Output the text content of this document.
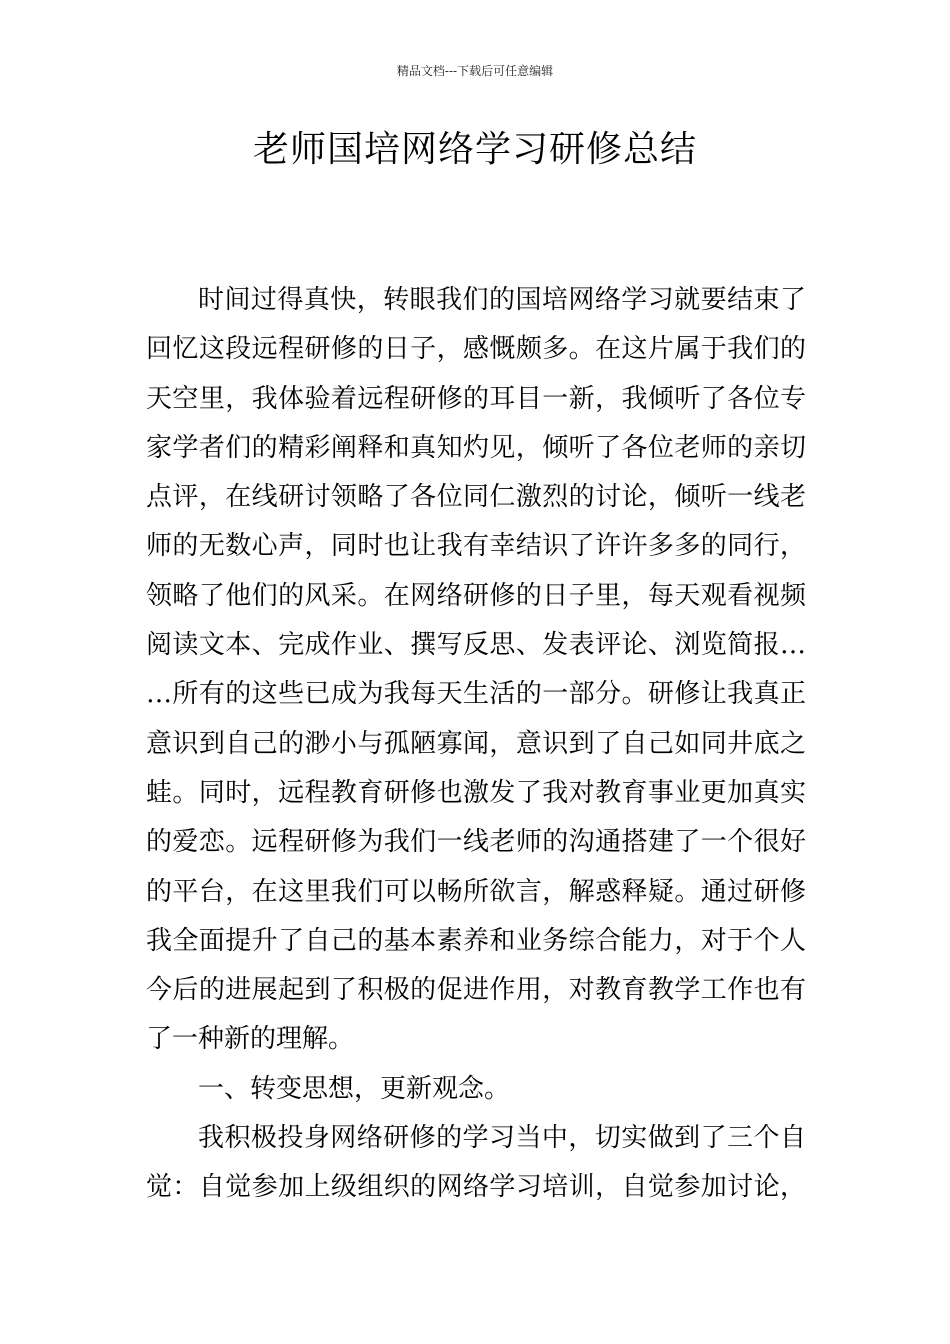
精品文档---下载后可任意编辑
老师国培网络学习研修总结
时间过得真快，转眼我们的国培网络学习就要结束了
回忆这段远程研修的日子，感慨颇多。在这片属于我们的
天空里，我体验着远程研修的耳目一新，我倾听了各位专
家学者们的精彩阐释和真知灼见，倾听了各位老师的亲切
点评，在线研讨领略了各位同仁激烈的讨论，倾听一线老
师的无数心声，同时也让我有幸结识了许许多多的同行，
领略了他们的风采。在网络研修的日子里，每天观看视频
阅读文本、完成作业、撰写反思、发表评论、浏览简报…
…所有的这些已成为我每天生活的一部分。研修让我真正
意识到自己的渺小与孤陋寡闻，意识到了自己如同井底之
蛙。同时，远程教育研修也激发了我对教育事业更加真实
的爱恋。远程研修为我们一线老师的沟通搭建了一个很好
的平台，在这里我们可以畅所欲言，解惑释疑。通过研修
我全面提升了自己的基本素养和业务综合能力，对于个人
今后的进展起到了积极的促进作用，对教育教学工作也有
了一种新的理解。
一、转变思想，更新观念。
我积极投身网络研修的学习当中，切实做到了三个自
觉：自觉参加上级组织的网络学习培训，自觉参加讨论，
